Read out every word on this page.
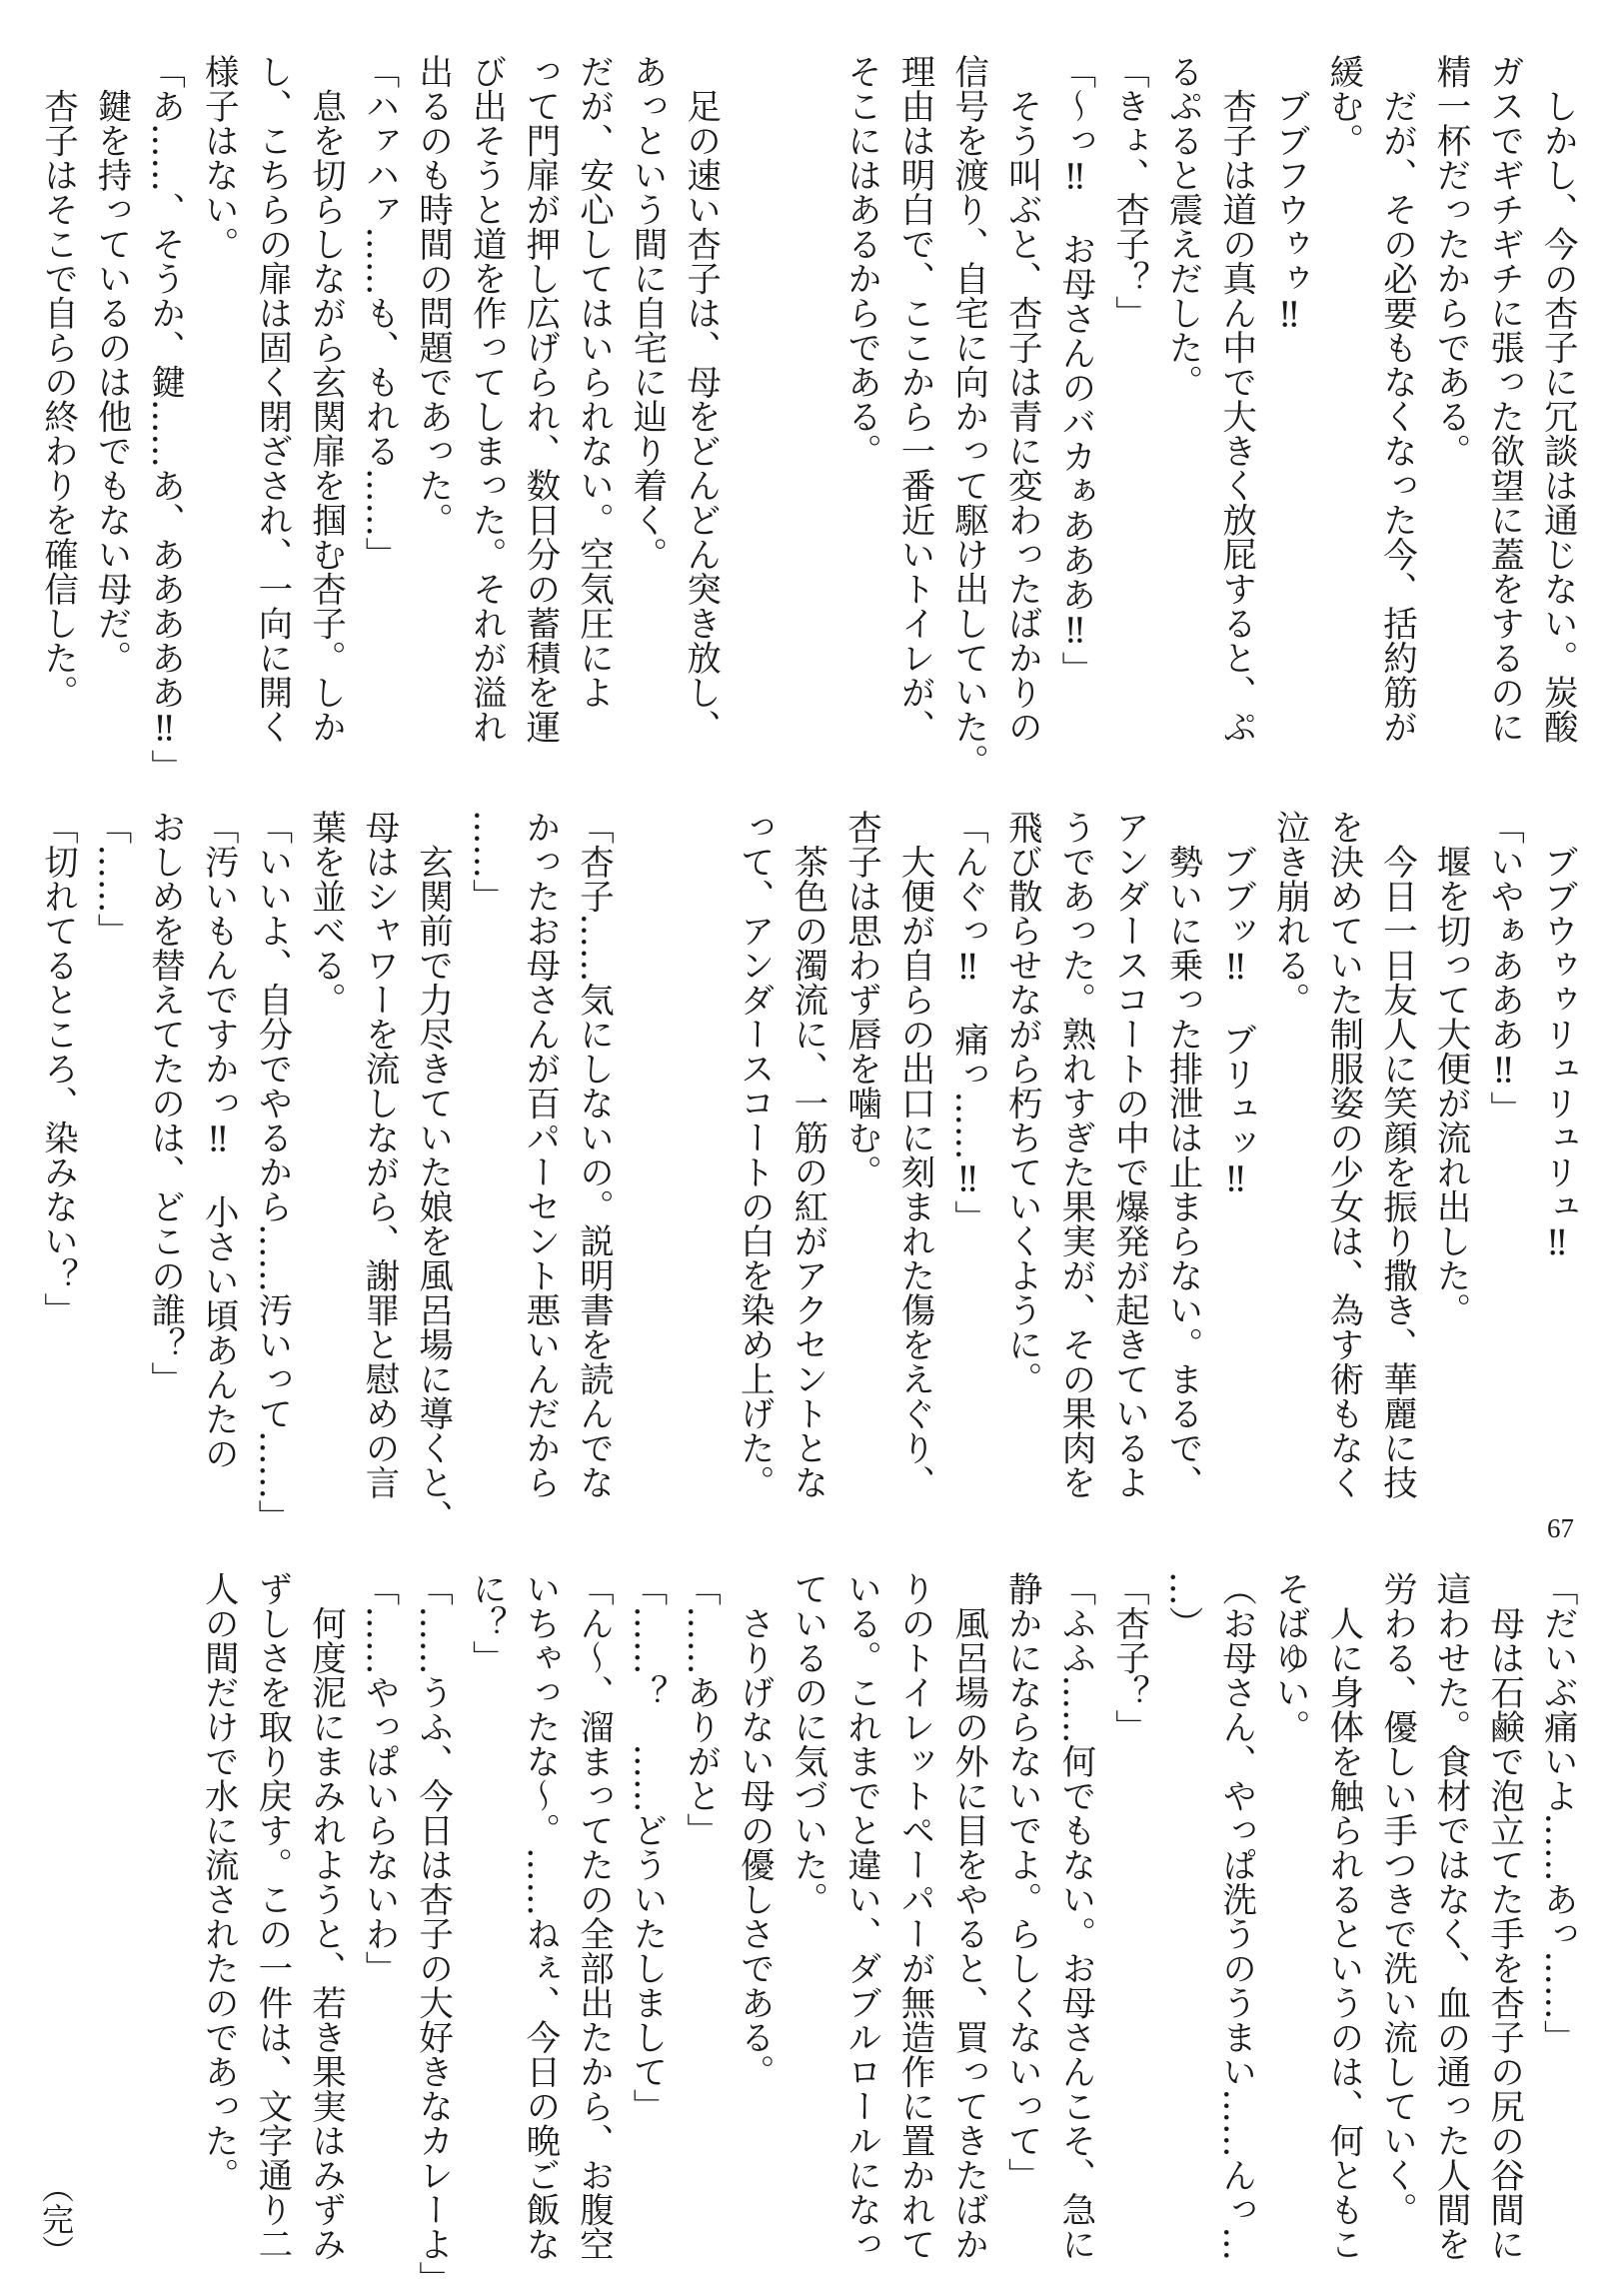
　しかし、今の杏子に冗談は通じない。炭酸
ガスでギチギチに張った欲望に蓋をするのに
精一杯だったからである。
　だが、その必要もなくなった今、括約筋が
緩む。
　ブブフウゥゥ‼
　杏子は道の真ん中で大きく放屁すると、ぷ
るぷると震えだした。
「きょ、杏子？」
「〜っ‼　お母さんのバカぁあああ‼」
　そう叫ぶと、杏子は青に変わったばかりの
信号を渡り、自宅に向かって駆け出していた。
理由は明白で、ここから一番近いトイレが、
そこにはあるからである。
　足の速い杏子は、母をどんどん突き放し、
あっという間に自宅に辿り着く。
だが、安心してはいられない。空気圧によ
って門扉が押し広げられ、数日分の蓄積を運
び出そうと道を作ってしまった。それが溢れ
出るのも時間の問題であった。
「ハァハァ……も、もれる……」
　息を切らしながら玄関扉を掴む杏子。しか
し、こちらの扉は固く閉ざされ、一向に開く
様子はない。
「あ……、そうか、鍵……あ、あああああ‼」
　鍵を持っているのは他でもない母だ。
　杏子はそこで自らの終わりを確信した。
　ブブウゥゥリュリュリュ‼
「いやぁあああ‼」
　堰を切って大便が流れ出した。
　今日一日友人に笑顔を振り撒き、華麗に技
を決めていた制服姿の少女は、為す術もなく
泣き崩れる。
　ブブッ‼　ブリュッ‼
　勢いに乗った排泄は止まらない。まるで、
アンダースコートの中で爆発が起きているよ
うであった。熟れすぎた果実が、その果肉を
飛び散らせながら朽ちていくように。
「んぐっ‼　痛っ……‼」
　大便が自らの出口に刻まれた傷をえぐり、
杏子は思わず唇を噛む。
　茶色の濁流に、一筋の紅がアクセントとな
って、アンダースコートの白を染め上げた。
「杏子……気にしないの。説明書を読んでな
かったお母さんが百パーセント悪いんだから
……」
　玄関前で力尽きていた娘を風呂場に導くと、
母はシャワーを流しながら、謝罪と慰めの言
葉を並べる。
「いいよ、自分でやるから……汚いって……」
「汚いもんですかっ‼　小さい頃あんたの
おしめを替えてたのは、どこの誰？」
「……」
「切れてるところ、染みない？」
「だいぶ痛いよ……あっ……」
　母は石鹸で泡立てた手を杏子の尻の谷間に
這わせた。食材ではなく、血の通った人間を
労わる、優しい手つきで洗い流していく。
　人に身体を触られるというのは、何ともこ
そばゆい。
（お母さん、やっぱ洗うのうまい……んっ…
…）
「杏子？」
「ふふ……何でもない。お母さんこそ、急に
静かにならないでよ。らしくないって」
　風呂場の外に目をやると、買ってきたばか
りのトイレットペーパーが無造作に置かれて
いる。これまでと違い、ダブルロールになっ
ているのに気づいた。
　さりげない母の優しさである。
「……ありがと」
「……？　……どういたしまして」
「ん〜、溜まってたの全部出たから、お腹空
いちゃったな〜。……ねぇ、今日の晩ご飯な
に？」
「……うふ、今日は杏子の大好きなカレーよ」
「……やっぱいらないわ」
　何度泥にまみれようと、若き果実はみずみ
ずしさを取り戻す。この一件は、文字通り二
人の間だけで水に流されたのであった。
67
（完）
